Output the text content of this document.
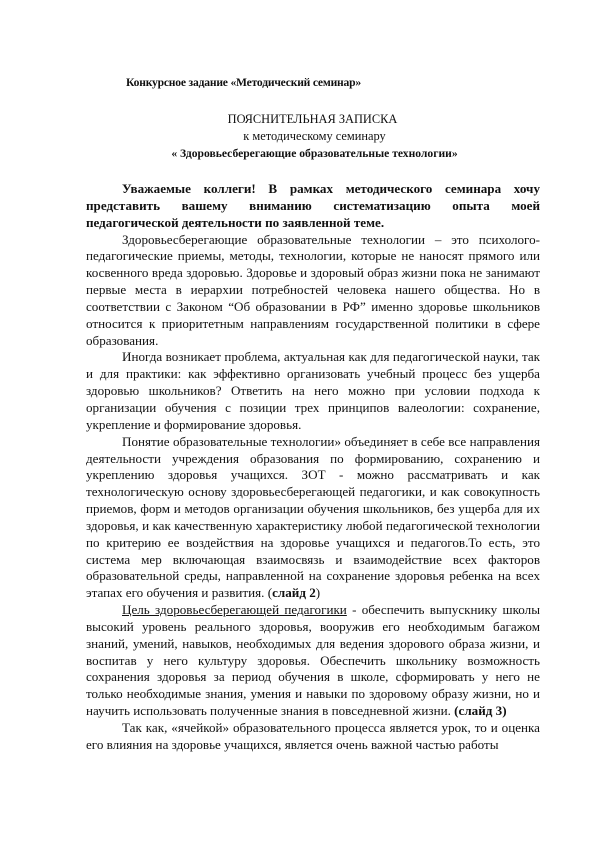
Конкурсное задание «Методический семинар»
ПОЯСНИТЕЛЬНАЯ ЗАПИСКА
к методическому семинару
« Здоровьесберегающие образовательные технологии»

Уважаемые коллеги! В рамках методического семинара хочу представить вашему вниманию систематизацию опыта моей педагогической деятельности по заявленной теме.

Здоровьесберегающие образовательные технологии – это психолого-педагогические приемы, методы, технологии, которые не наносят прямого или косвенного вреда здоровью. Здоровье и здоровый образ жизни пока не занимают первые места в иерархии потребностей человека нашего общества. Но в соответствии с Законом “Об образовании в РФ” именно здоровье школьников относится к приоритетным направлениям государственной политики в сфере образования.

Иногда возникает проблема, актуальная как для педагогической науки, так и для практики: как эффективно организовать учебный процесс без ущерба здоровью школьников? Ответить на него можно при условии подхода к организации обучения с позиции трех принципов валеологии: сохранение, укрепление и формирование здоровья.

Понятие образовательные технологии» объединяет в себе все направления деятельности учреждения образования по формированию, сохранению и укреплению здоровья учащихся. ЗОТ - можно рассматривать и как технологическую основу здоровьесберегающей педагогики, и как совокупность приемов, форм и методов организации обучения школьников, без ущерба для их здоровья, и как качественную характеристику любой педагогической технологии по критерию ее воздействия на здоровье учащихся и педагогов.То есть, это система мер включающая взаимосвязь и взаимодействие всех факторов образовательной среды, направленной на сохранение здоровья ребенка на всех этапах его обучения и развития. (слайд 2)

Цель здоровьесберегающей педагогики - обеспечить выпускнику школы высокий уровень реального здоровья, вооружив его необходимым багажом знаний, умений, навыков, необходимых для ведения здорового образа жизни, и воспитав у него культуру здоровья. Обеспечить школьнику возможность сохранения здоровья за период обучения в школе, сформировать у него не только необходимые знания, умения и навыки по здоровому образу жизни, но и научить использовать полученные знания в повседневной жизни. (слайд 3)

Так как, «ячейкой» образовательного процесса является урок, то и оценка его влияния на здоровье учащихся, является очень важной частью работы
